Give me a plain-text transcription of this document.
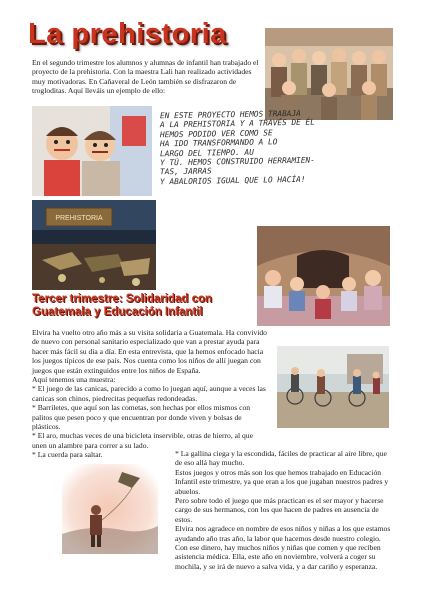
La prehistoria
En el segundo trimestre los alumnos y alumnas de infantil han trabajado el proyecto de la prehistoria. Con la maestra Lali han realizado actividades muy motivadoras. En Cañaveral de León también se disfrazaron de trogloditas. Aquí lleváis un ejemplo de ello:
EN ESTE PROYECTO HEMOS TRABAJA
A LA PREHISTORIA Y A TRAVÉS DE ÉL
HEMOS PODIDO VER COMO SE
HA IDO TRANSFORMANDO A LO
LARGO DEL TIEMPO. AU
Y TÚ. HEMOS CONSTRUIDO HERRAMIEN-
TAS, JARRAS
Y ABALORIOS IGUAL QUE LO HACÍA!
PREHISTORIA
Tercer trimestre: Solidaridad con Guatemala y Educación Infantil
Elvira ha vuelto otro año más a su visita solidaria a Guatemala. Ha convivido de nuevo con personal sanitario especializado que van a prestar ayuda para hacer más fácil su día a día. En esta entrevista, que la hemos enfocado hacia los juegos típicos de ese país. Nos cuenta como los niños de allí juegan con juegos que están extinguidos entre los niños de España.
Aquí tenemos una muestra:
* El juego de las canicas, parecido a como lo juegan aquí, aunque a veces las canicas son chinos, piedrecitas pequeñas redondeadas.
* Barriletes, que aquí son las cometas, son hechas por ellos mismos con palitos que pesen poco y que encuentran por donde viven y bolsas de plásticos.
* El aro, muchas veces de una bicicleta inservible, otras de hierro, al que unen un alambre para correr a su lado.
* La cuerda para saltar.	* La gallina ciega y la escondida, fáciles de practicar al aire libre, que de eso allá hay mucho.
Estos juegos y otros más son los que hemos trabajado en Educación Infantil este trimestre, ya que eran a los que jugaban nuestros padres y abuelos.
Pero sobre todo el juego que más practican es el ser mayor y hacerse cargo de sus hermanos, con los que hacen de padres en ausencia de estos.
Elvira nos agradece en nombre de esos niños y niñas a los que estamos ayudando año tras año, la labor que hacemos desde nuestro colegio. Con ese dinero, hay muchos niños y niñas que comen y que reciben asistencia médica. Ella, este año en noviembre, volverá a coger su mochila, y se irá de nuevo a salva vida, y a dar cariño y esperanza.
